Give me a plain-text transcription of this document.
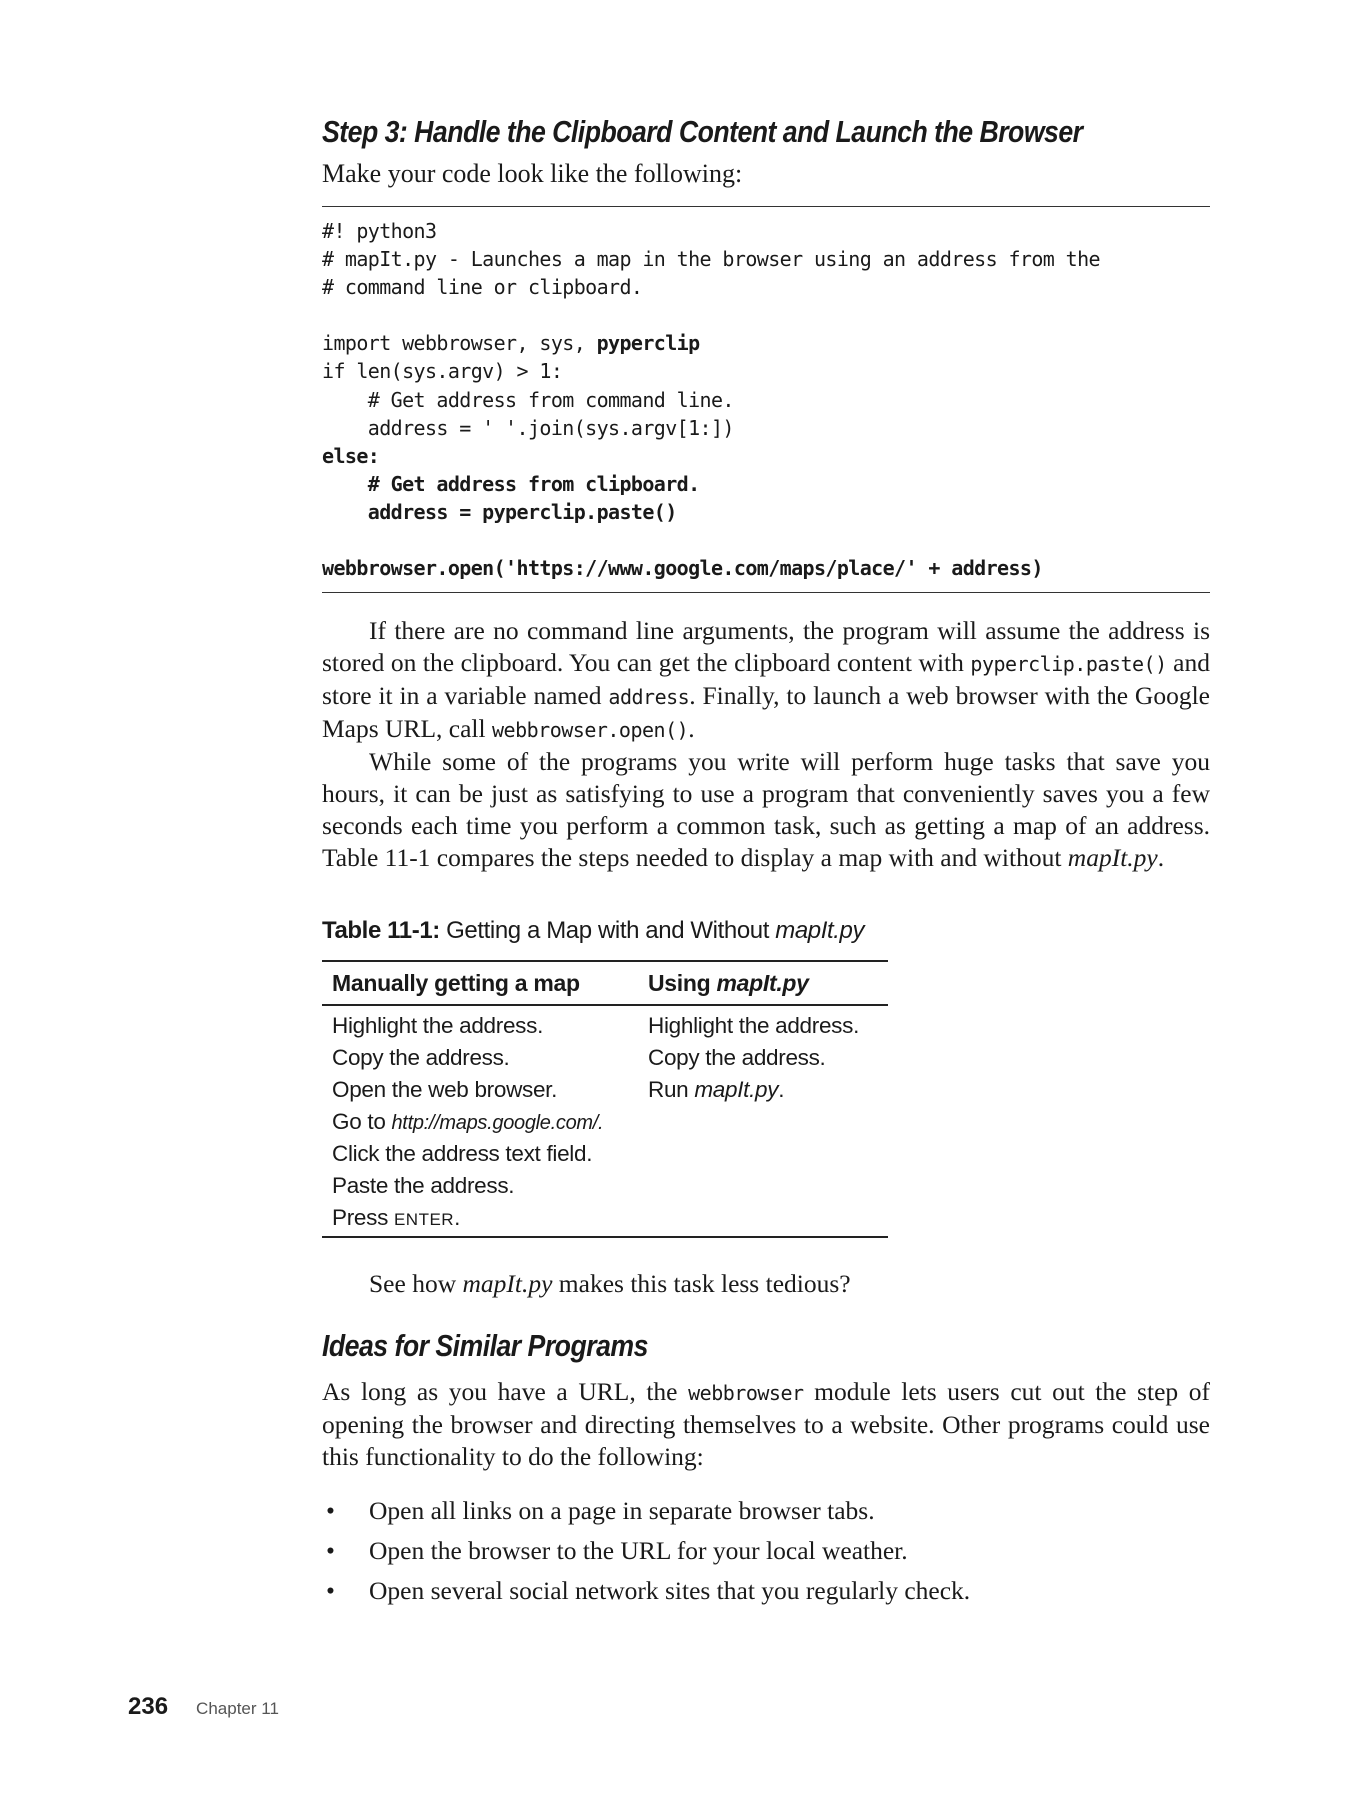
Step 3: Handle the Clipboard Content and Launch the Browser
Make your code look like the following:
#! python3
# mapIt.py - Launches a map in the browser using an address from the
# command line or clipboard.
import webbrowser, sys, pyperclip
if len(sys.argv) > 1:
# Get address from command line.
address = ' '.join(sys.argv[1:])
else:
# Get address from clipboard.
address = pyperclip.paste()
webbrowser.open('https://www.google.com/maps/place/' + address)

If there are no command line arguments, the program will assume the address is stored on the clipboard. You can get the clipboard content with pyperclip.paste() and store it in a variable named address. Finally, to launch a web browser with the Google Maps URL, call webbrowser.open().

While some of the programs you write will perform huge tasks that save you hours, it can be just as satisfying to use a program that conveniently saves you a few seconds each time you perform a common task, such as getting a map of an address. Table 11-1 compares the steps needed to display a map with and without mapIt.py.

Table 11-1: Getting a Map with and Without mapIt.py
Manually getting a map	Using mapIt.py
Highlight the address.
Copy the address.
Open the web browser.
Go to http://maps.google.com/.
Click the address text field.
Paste the address.
Press ENTER.
Highlight the address.
Copy the address.
Run mapIt.py.

See how mapIt.py makes this task less tedious?

Ideas for Similar Programs

As long as you have a URL, the webbrowser module lets users cut out the step of opening the browser and directing themselves to a website. Other programs could use this functionality to do the following:

• Open all links on a page in separate browser tabs.
• Open the browser to the URL for your local weather.
• Open several social network sites that you regularly check.
236 Chapter 11
